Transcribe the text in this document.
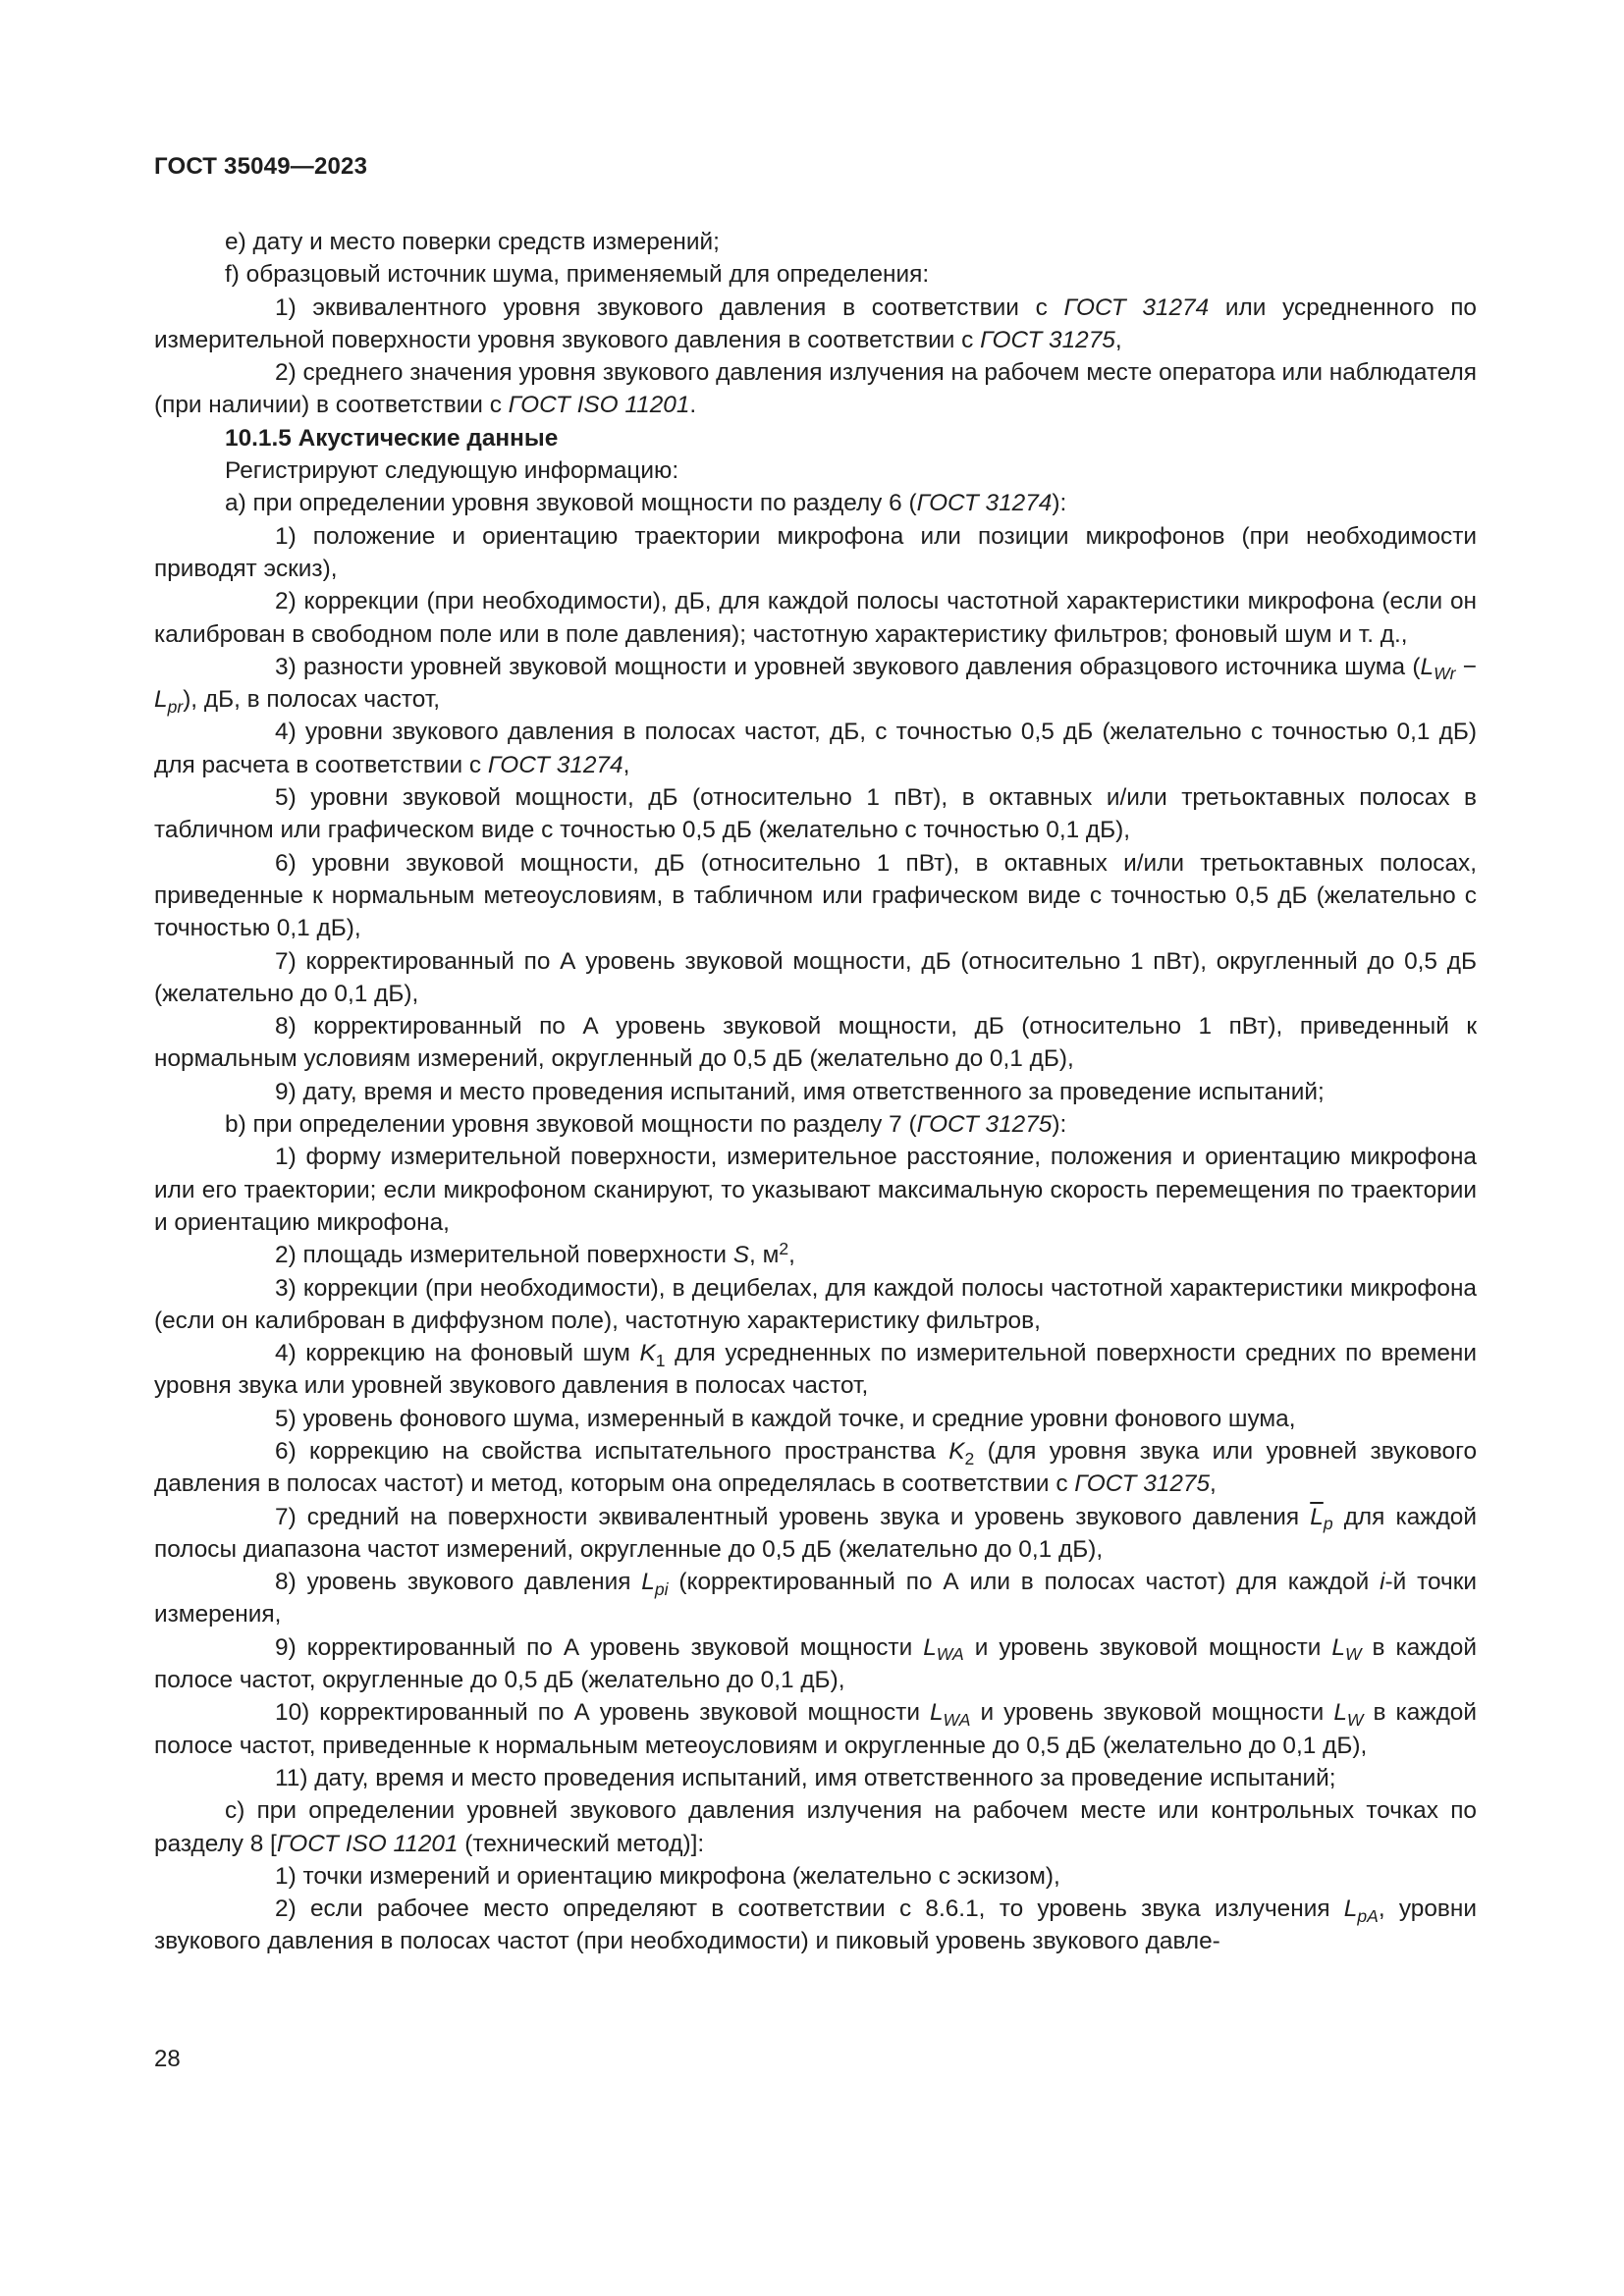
ГОСТ 35049—2023

e) дату и место поверки средств измерений;

f) образцовый источник шума, применяемый для определения:

1) эквивалентного уровня звукового давления в соответствии с ГОСТ 31274 или усредненного по измерительной поверхности уровня звукового давления в соответствии с ГОСТ 31275,

2) среднего значения уровня звукового давления излучения на рабочем месте оператора или наблюдателя (при наличии) в соответствии с ГОСТ ISO 11201.

10.1.5 Акустические данные

Регистрируют следующую информацию:

a) при определении уровня звуковой мощности по разделу 6 (ГОСТ 31274):

1) положение и ориентацию траектории микрофона или позиции микрофонов (при необходимости приводят эскиз),

2) коррекции (при необходимости), дБ, для каждой полосы частотной характеристики микрофона (если он калиброван в свободном поле или в поле давления); частотную характеристику фильтров; фоновый шум и т. д.,

3) разности уровней звуковой мощности и уровней звукового давления образцового источника шума $(L_{Wr} - L_{pr})$, дБ, в полосах частот,

4) уровни звукового давления в полосах частот, дБ, с точностью 0,5 дБ (желательно с точностью 0,1 дБ) для расчета в соответствии с ГОСТ 31274,

5) уровни звуковой мощности, дБ (относительно 1 пВт), в октавных и/или третьоктавных полосах в табличном или графическом виде с точностью 0,5 дБ (желательно с точностью 0,1 дБ),

6) уровни звуковой мощности, дБ (относительно 1 пВт), в октавных и/или третьоктавных полосах, приведенные к нормальным метеоусловиям, в табличном или графическом виде с точностью 0,5 дБ (желательно с точностью 0,1 дБ),

7) корректированный по А уровень звуковой мощности, дБ (относительно 1 пВт), округленный до 0,5 дБ (желательно до 0,1 дБ),

8) корректированный по А уровень звуковой мощности, дБ (относительно 1 пВт), приведенный к нормальным условиям измерений, округленный до 0,5 дБ (желательно до 0,1 дБ),

9) дату, время и место проведения испытаний, имя ответственного за проведение испытаний;

b) при определении уровня звуковой мощности по разделу 7 (ГОСТ 31275):

1) форму измерительной поверхности, измерительное расстояние, положения и ориентацию микрофона или его траектории; если микрофоном сканируют, то указывают максимальную скорость перемещения по траектории и ориентацию микрофона,

2) площадь измерительной поверхности S, $м^2$,

3) коррекции (при необходимости), в децибелах, для каждой полосы частотной характеристики микрофона (если он калиброван в диффузном поле), частотную характеристику фильтров,

4) коррекцию на фоновый шум $K_1$ для усредненных по измерительной поверхности средних по времени уровня звука или уровней звукового давления в полосах частот,

5) уровень фонового шума, измеренный в каждой точке, и средние уровни фонового шума,

6) коррекцию на свойства испытательного пространства $K_2$ (для уровня звука или уровней звукового давления в полосах частот) и метод, которым она определялась в соответствии с ГОСТ 31275,

7) средний на поверхности эквивалентный уровень звука и уровень звукового давления $\overline{L}_p$ для каждой полосы диапазона частот измерений, округленные до 0,5 дБ (желательно до 0,1 дБ),

8) уровень звукового давления $L_{pi}$ (корректированный по А или в полосах частот) для каждой i-й точки измерения,

9) корректированный по А уровень звуковой мощности $L_{WA}$ и уровень звуковой мощности $L_W$ в каждой полосе частот, округленные до 0,5 дБ (желательно до 0,1 дБ),

10) корректированный по А уровень звуковой мощности $L_{WA}$ и уровень звуковой мощности $L_W$ в каждой полосе частот, приведенные к нормальным метеоусловиям и округленные до 0,5 дБ (желательно до 0,1 дБ),

11) дату, время и место проведения испытаний, имя ответственного за проведение испытаний;

c) при определении уровней звукового давления излучения на рабочем месте или контрольных точках по разделу 8 [ГОСТ ISO 11201 (технический метод)]:

1) точки измерений и ориентацию микрофона (желательно с эскизом),

2) если рабочее место определяют в соответствии с 8.6.1, то уровень звука излучения $L_{pA}$, уровни звукового давления в полосах частот (при необходимости) и пиковый уровень звукового давле-

28
